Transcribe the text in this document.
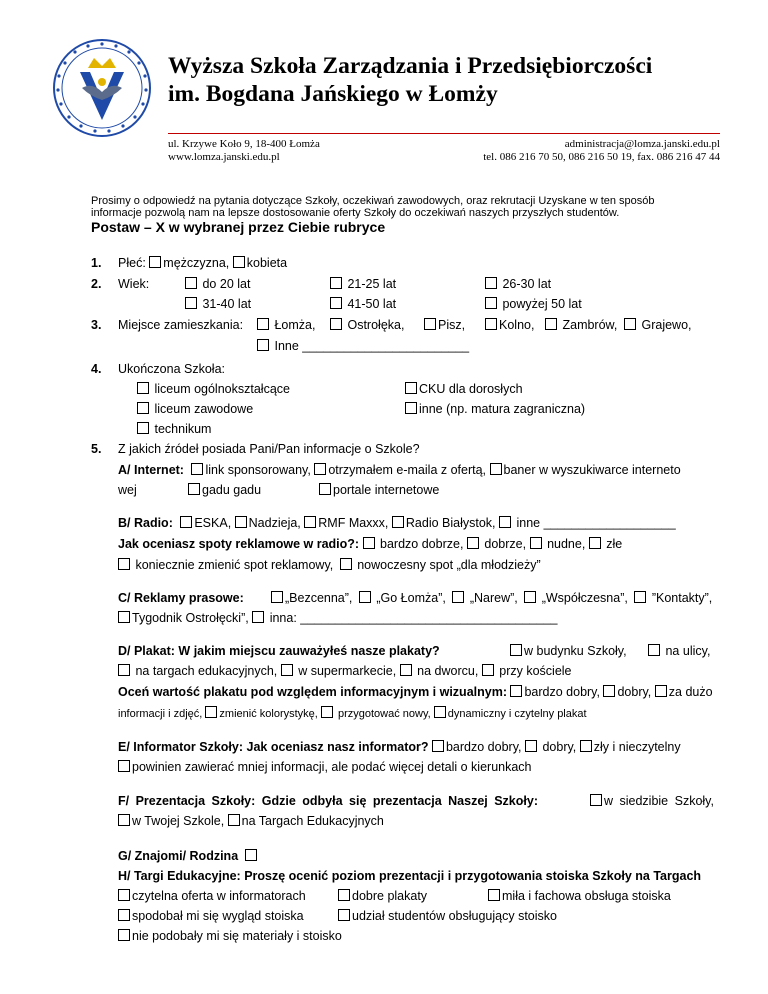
Wyższa Szkoła Zarządzania i Przedsiębiorczości
im. Bogdana Jańskiego w Łomży
ul. Krzywe Koło 9, 18-400 Łomża
www.lomza.janski.edu.pl
administracja@lomza.janski.edu.pl
tel. 086 216 70 50, 086 216 50 19, fax. 086 216 47 44
Prosimy o odpowiedź na pytania dotyczące Szkoły, oczekiwań zawodowych, oraz rekrutacji Uzyskane w ten sposób
informacje pozwolą nam na lepsze dostosowanie oferty Szkoły do oczekiwań naszych przyszłych studentów.
Postaw – X w wybranej przez Ciebie rubryce
1. Płeć: mężczyzna, kobieta
2. Wiek:	do 20 lat	21-25 lat	26-30 lat
31-40 lat	41-50 lat	powyżej 50 lat
3. Miejsce zamieszkania:	Łomża,	Ostrołęka,	Pisz,	Kolno,	Zambrów,	Grajewo,
Inne ________________________
4. Ukończona Szkoła:
liceum ogólnokształcące	CKU dla dorosłych
liceum zawodowe	inne (np. matura zagraniczna)
technikum
5. Z jakich źródeł posiada Pani/Pan informacje o Szkole?
A/ Internet: link sponsorowany, otrzymałem e-maila z ofertą, baner w wyszukiwarce interneto
wej	gadu gadu	portale internetowe
B/ Radio: ESKA, Nadzieja, RMF Maxxx, Radio Białystok, inne ___________________
Jak oceniasz spoty reklamowe w radio?: bardzo dobrze, dobrze, nudne, złe
koniecznie zmienić spot reklamowy, nowoczesny spot „dla młodzieży”
C/ Reklamy prasowe:	„Bezcenna”, „Go Łomża”, „Narew”, „Współczesna”, ”Kontakty”,
Tygodnik Ostrołęcki”, inna: _____________________________________
D/ Plakat: W jakim miejscu zauważyłeś nasze plakaty?	w budynku Szkoły,	na ulicy,
na targach edukacyjnych, w supermarkecie, na dworcu, przy kościele
Oceń wartość plakatu pod względem informacyjnym i wizualnym: bardzo dobry, dobry, za dużo
informacji i zdjęć, zmienić kolorystykę, przygotować nowy, dynamiczny i czytelny plakat
E/ Informator Szkoły: Jak oceniasz nasz informator? bardzo dobry, dobry, zły i nieczytelny
powinien zawierać mniej informacji, ale podać więcej detali o kierunkach
F/ Prezentacja Szkoły: Gdzie odbyła się prezentacja Naszej Szkoły:	w siedzibie Szkoły,
w Twojej Szkole, na Targach Edukacyjnych
G/ Znajomi/ Rodzina
H/ Targi Edukacyjne: Proszę ocenić poziom prezentacji i przygotowania stoiska Szkoły na Targach
czytelna oferta w informatorach	dobre plakaty	miła i fachowa obsługa stoiska
spodobał mi się wygląd stoiska	udział studentów obsługujący stoisko
nie podobały mi się materiały i stoisko
